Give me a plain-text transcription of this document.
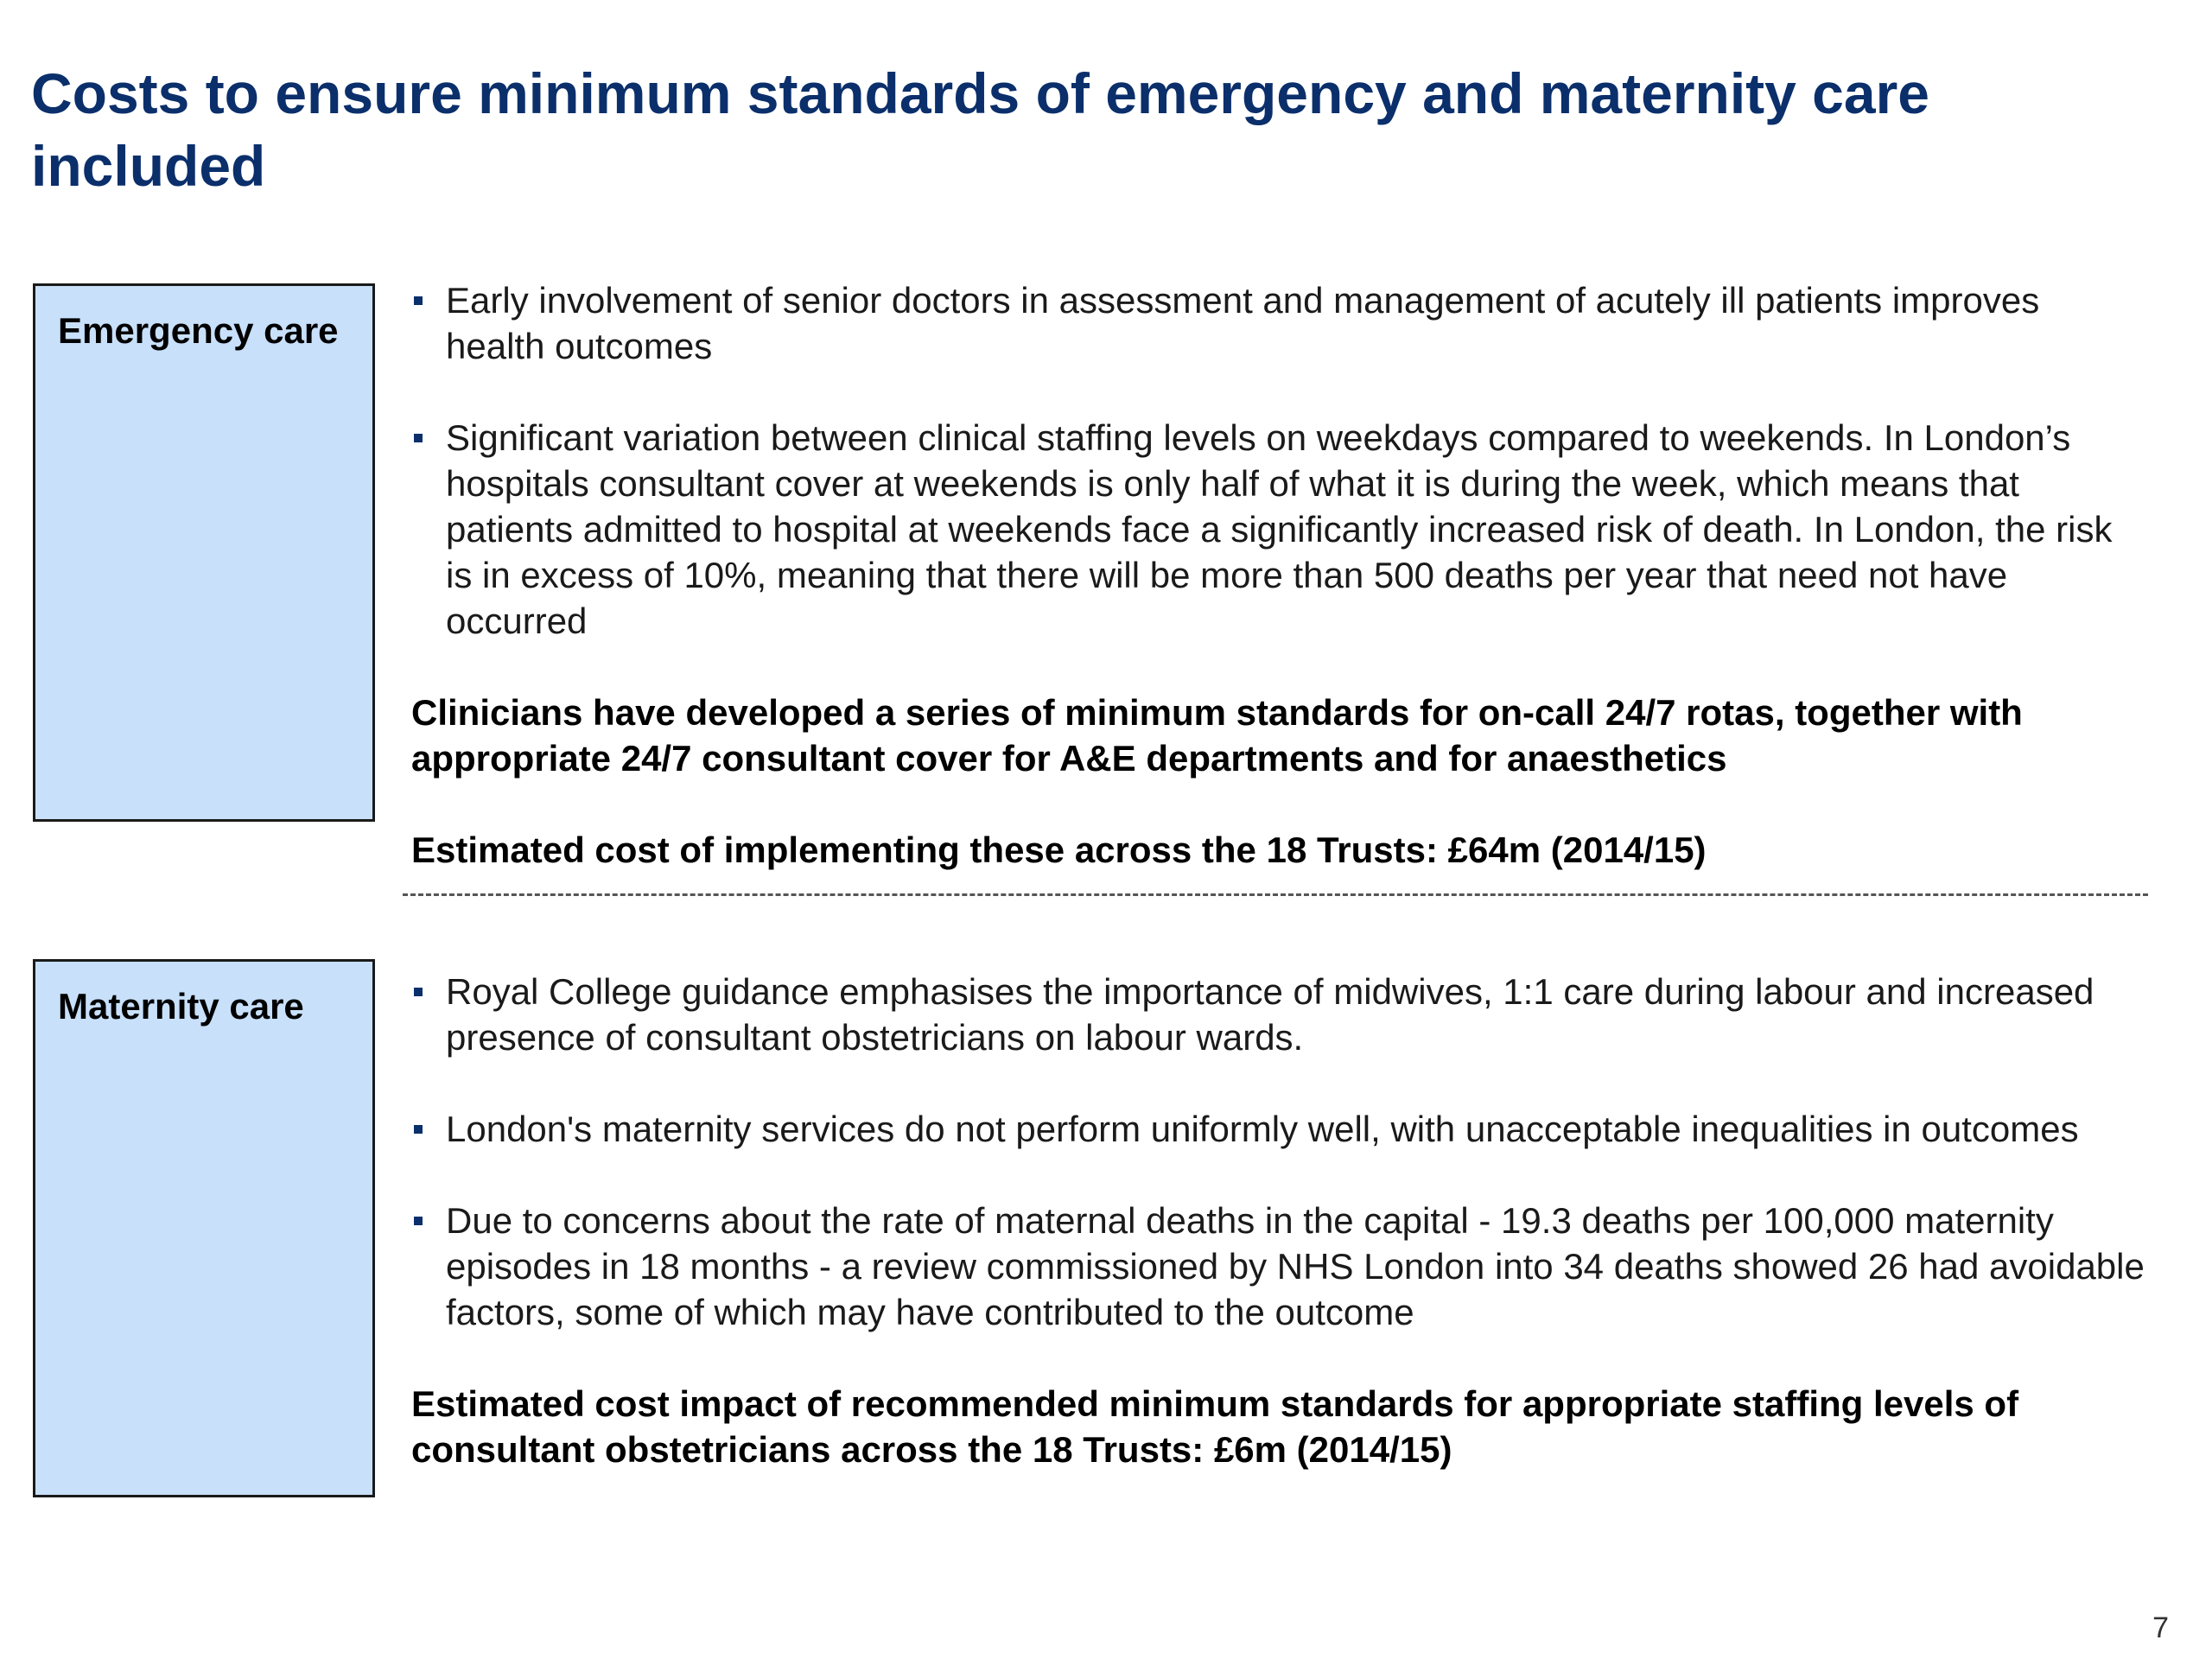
Costs to ensure minimum standards of emergency and maternity care included
Emergency care
Early involvement of senior doctors in assessment and management of acutely ill patients improves health outcomes
Significant variation between clinical staffing levels on weekdays compared to weekends. In London’s hospitals consultant cover at weekends is only half of what it is during the week, which means that patients admitted to hospital at weekends face a significantly increased risk of death. In London, the risk is in excess of 10%, meaning that there will be more than 500 deaths per year that need not have occurred
Clinicians have developed a series of minimum standards for on-call 24/7 rotas, together with appropriate 24/7 consultant cover for A&E departments and for anaesthetics
Estimated cost of implementing these across the 18 Trusts: £64m (2014/15)
Maternity care	Royal College guidance emphasises the importance of midwives, 1:1 care during labour and increased presence of consultant obstetricians on labour wards.
London's maternity services do not perform uniformly well, with unacceptable inequalities in outcomes
Due to concerns about the rate of maternal deaths in the capital - 19.3 deaths per 100,000 maternity episodes in 18 months - a review commissioned by NHS London into 34 deaths showed 26 had avoidable factors, some of which may have contributed to the outcome
Estimated cost impact of recommended minimum standards for appropriate staffing levels of consultant obstetricians across the 18 Trusts: £6m (2014/15)
7
